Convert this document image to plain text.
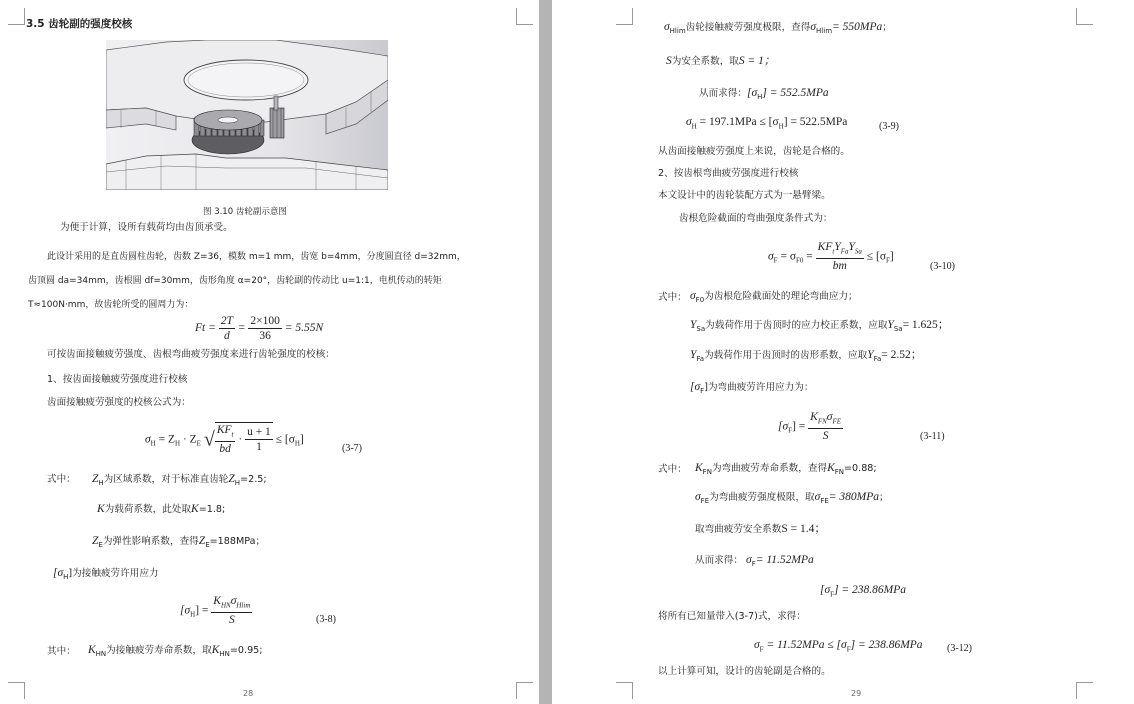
3.5 齿轮副的强度校核
图 3.10 齿轮副示意图
为便于计算，设所有载荷均由齿顶承受。
此设计采用的是直齿圆柱齿轮，齿数 Z=36，模数 m=1 mm，齿宽 b=4mm，分度圆直径 d=32mm，
齿顶圆 da=34mm，齿根圆 df=30mm，齿形角度 α=20°，齿轮副的传动比 u=1:1，电机传动的转矩
T≈100N·mm，故齿轮所受的圆周力为：
$Ft = \frac{2T}{d} = \frac{2\times 100}{36} = 5.55N$
可按齿面接触疲劳强度、齿根弯曲疲劳强度来进行齿轮强度的校核：
1、按齿面接触疲劳强度进行校核
齿面接触疲劳强度的校核公式为：
$\sigma_H = Z_H \cdot Z_E$ √ $\frac{KF_t}{bd} \cdot \frac{u + 1}{1} \le [\sigma_H]$
(3-7)
式中： $Z_H$为区域系数，对于标准直齿轮$Z_H=2.5$;
K为载荷系数，此处取K=1.8;
$Z_E$为弹性影响系数，查得$Z_E=188MPa$；
$[\sigma_H]$为接触疲劳许用应力
$[\sigma_H] = \frac{K_{HN}\sigma_{Hlim}}{S}$	(3-8)
其中： $K_{HN}$为接触疲劳寿命系数，取$K_{HN}=0.95$;
28
$\sigma_{Hlim}$齿轮接触疲劳强度极限，查得$\sigma_{Hlim}= 550MPa$；
S为安全系数，取S = 1；
从而求得：$[\sigma_H] = 552.5MPa$
$\sigma_H = 197.1MPa \le [\sigma_H] = 522.5MPa$	(3-9)
从齿面接触疲劳强度上来说，齿轮是合格的。
2、按齿根弯曲疲劳强度进行校核
本文设计中的齿轮装配方式为一悬臂梁。
齿根危险截面的弯曲强度条件式为：
$\sigma_F = \sigma_{F0} = \frac{KF_tY_{Fa}Y_{Sa}}{bm} \le [\sigma_F]$
(3-10)
式中： $\sigma_{F0}$为齿根危险截面处的理论弯曲应力；
$Y_{Sa}$为载荷作用于齿顶时的应力校正系数，应取$Y_{Sa}= 1.625$；
$Y_{Fa}$为载荷作用于齿顶时的齿形系数，应取$Y_{Fa}= 2.52$；
$[\sigma_F]$为弯曲疲劳许用应力为：
$[\sigma_F] = \frac{K_{FN}\sigma_{FE}}{S}$	(3-11)
式中： $K_{FN}$为弯曲疲劳寿命系数，查得$K_{FN}=0.88$;
$\sigma_{FE}$为弯曲疲劳强度极限，取$\sigma_{FE}= 380MPa$；
取弯曲疲劳安全系数S = 1.4；
从而求得： $\sigma_F= 11.52MPa$
$[\sigma_F] = 238.86MPa$
将所有已知量带入(3-7)式，求得：
$\sigma_F = 11.52MPa \le [\sigma_F] = 238.86MPa$ (3-12)
以上计算可知，设计的齿轮副是合格的。
29
